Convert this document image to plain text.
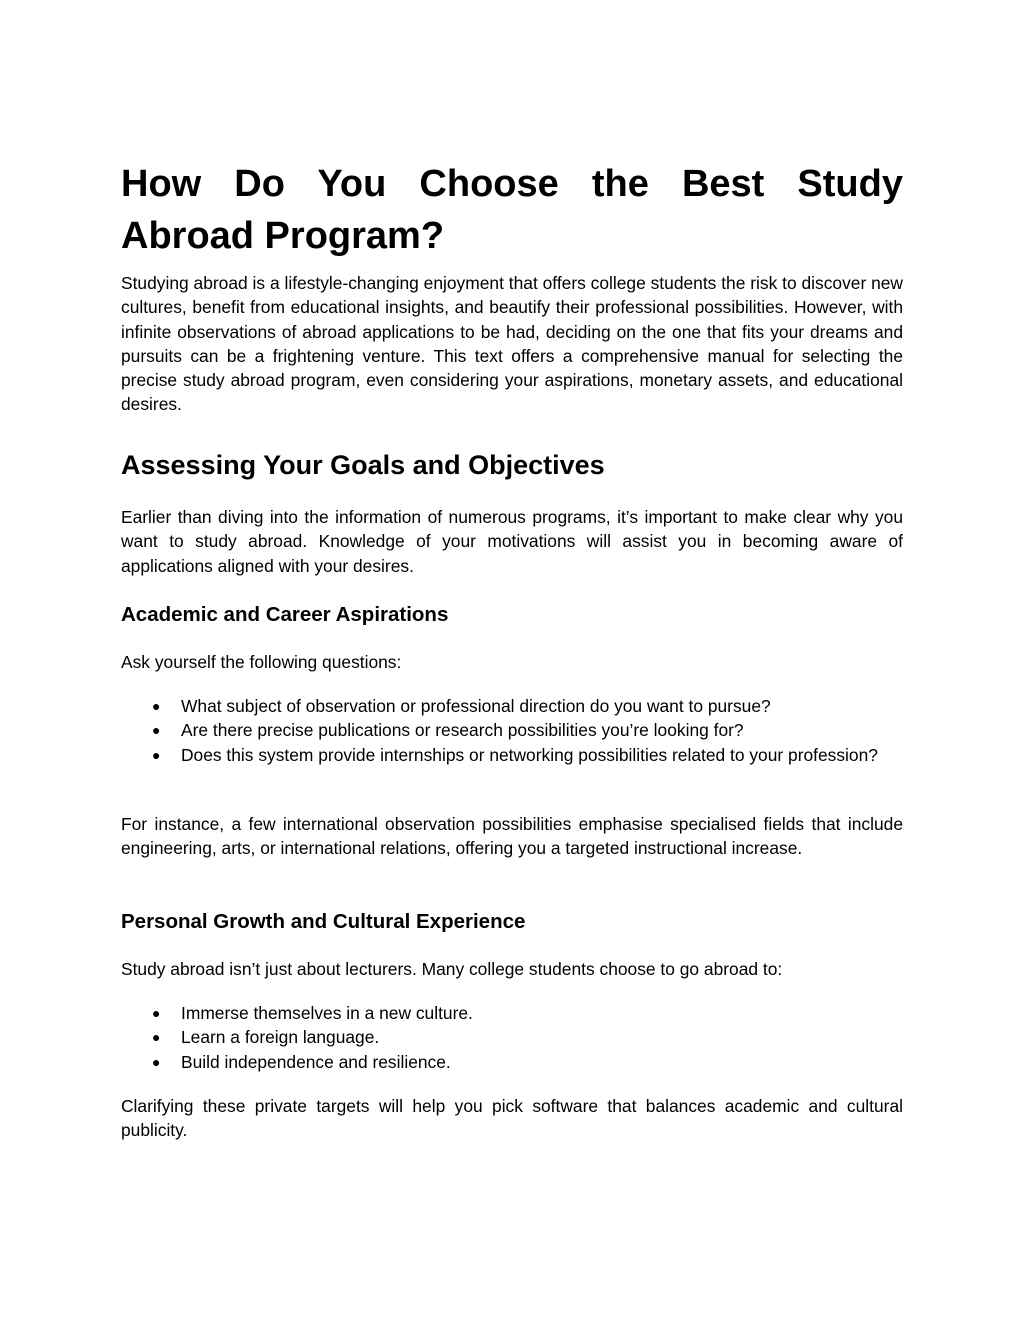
How Do You Choose the Best Study
Abroad Program?

Studying abroad is a lifestyle-changing enjoyment that offers college students the risk to discover new cultures, benefit from educational insights, and beautify their professional possibilities. However, with infinite observations of abroad applications to be had, deciding on the one that fits your dreams and pursuits can be a frightening venture. This text offers a comprehensive manual for selecting the precise study abroad program, even considering your aspirations, monetary assets, and educational desires.

Assessing Your Goals and Objectives

Earlier than diving into the information of numerous programs, it’s important to make clear why you want to study abroad. Knowledge of your motivations will assist you in becoming aware of applications aligned with your desires.

Academic and Career Aspirations

Ask yourself the following questions:

● What subject of observation or professional direction do you want to pursue?
● Are there precise publications or research possibilities you’re looking for?
● Does this system provide internships or networking possibilities related to your profession?

For instance, a few international observation possibilities emphasise specialised fields that include engineering, arts, or international relations, offering you a targeted instructional increase.

Personal Growth and Cultural Experience

Study abroad isn’t just about lecturers. Many college students choose to go abroad to:

● Immerse themselves in a new culture.
● Learn a foreign language.
● Build independence and resilience.

Clarifying these private targets will help you pick software that balances academic and cultural publicity.
